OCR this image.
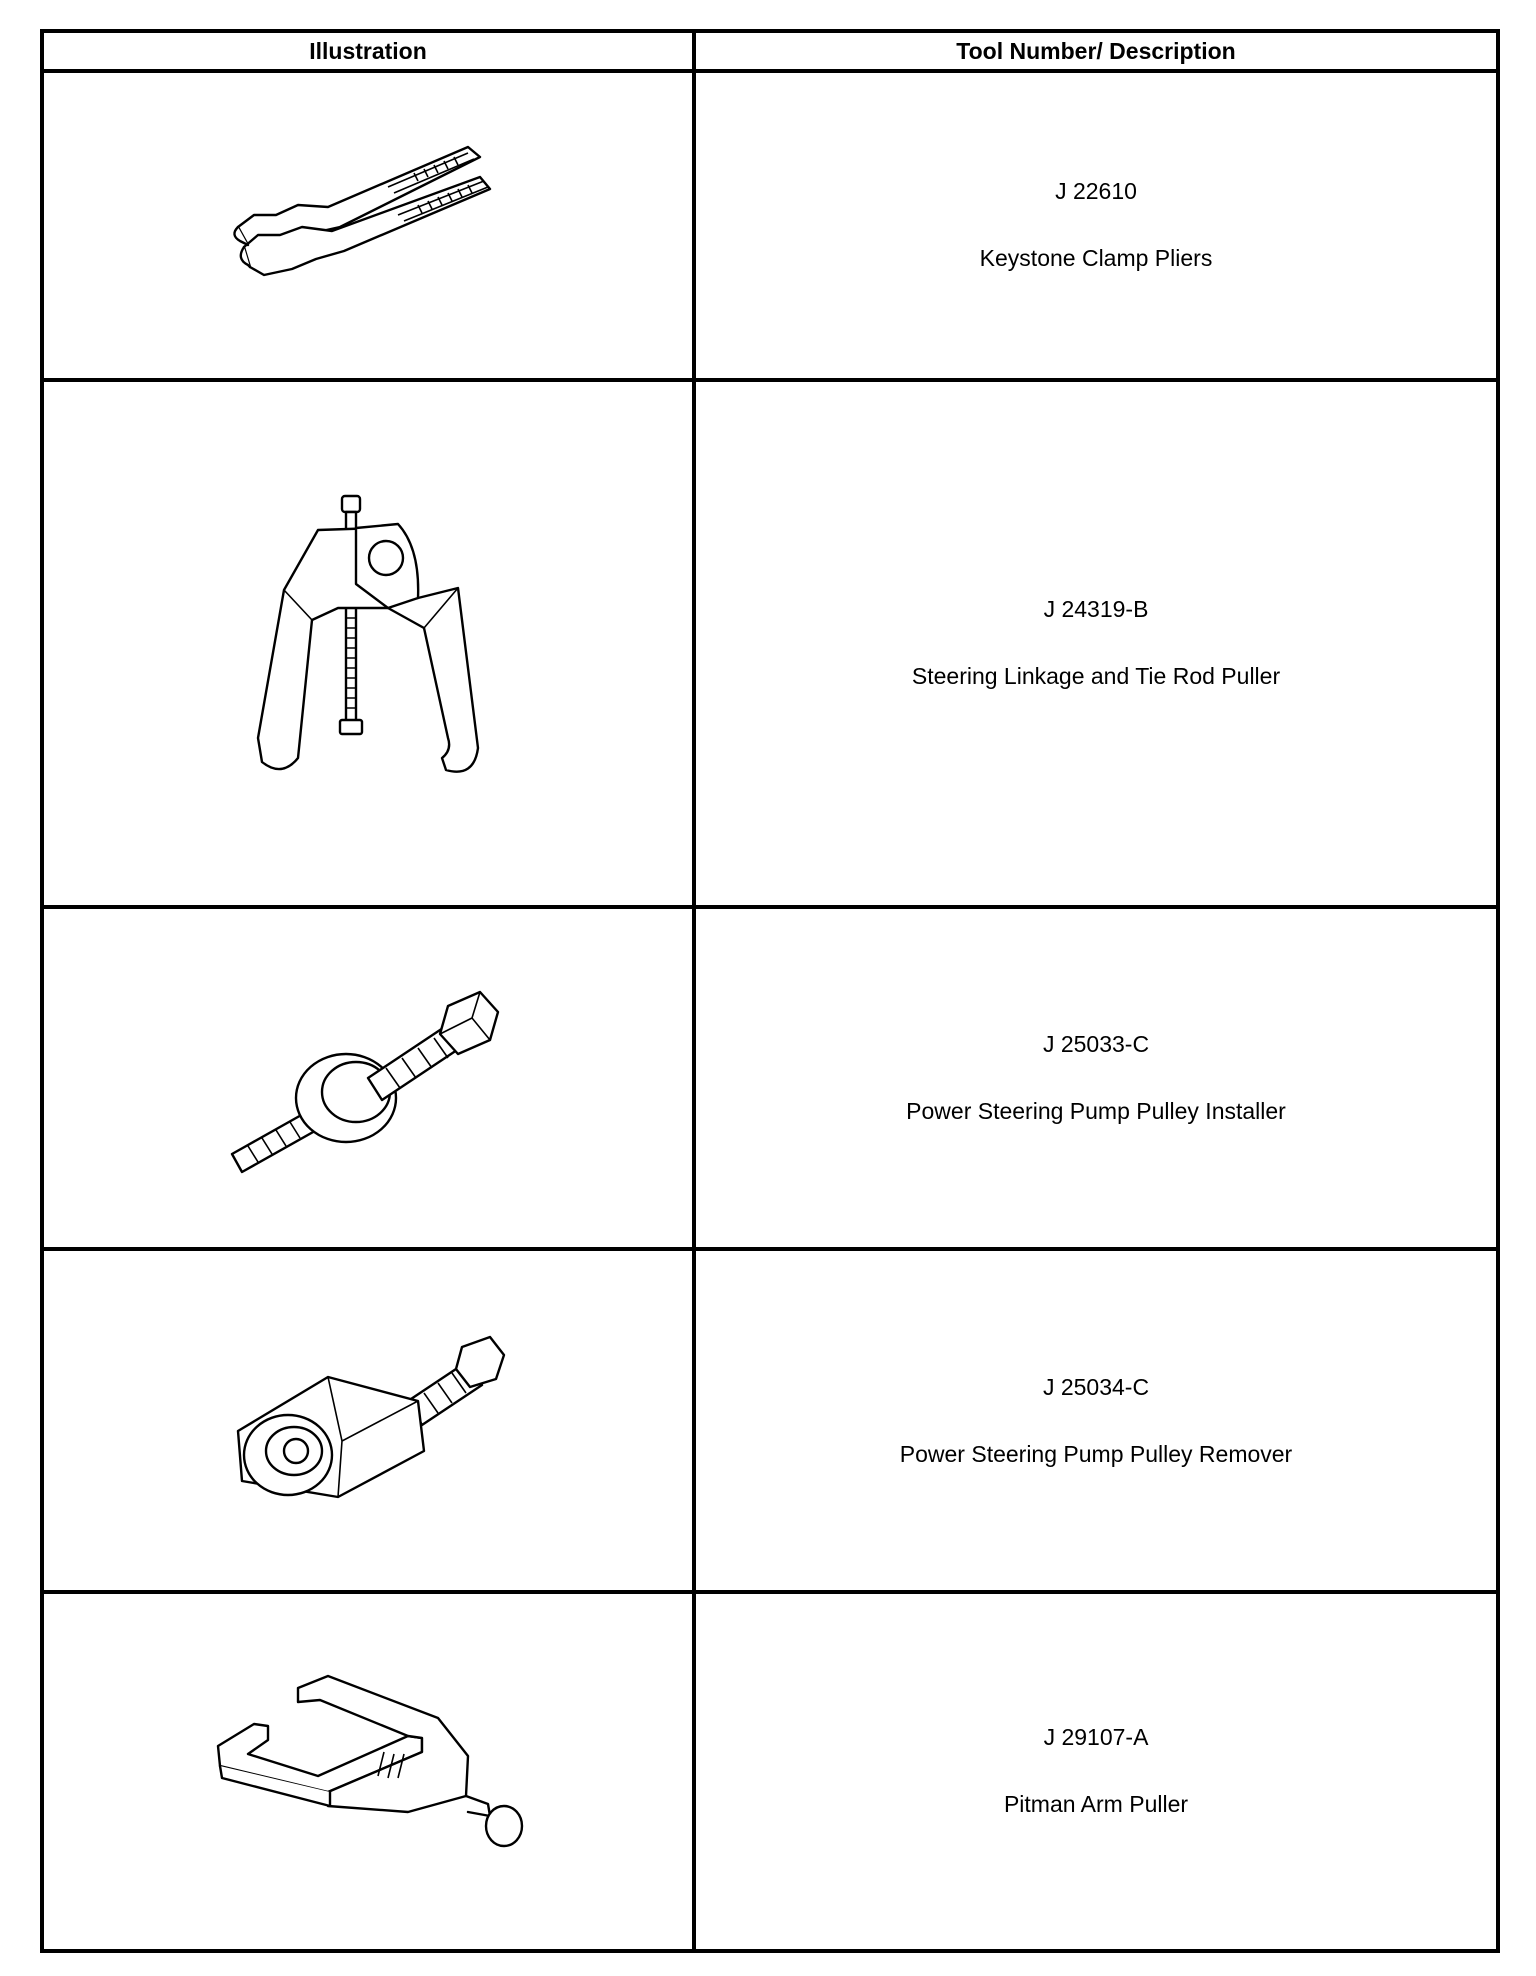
Illustration	Tool Number/ Description

J 22610
Keystone Clamp Pliers

J 24319-B
Steering Linkage and Tie Rod Puller

J 25033-C
Power Steering Pump Pulley Installer

J 25034-C
Power Steering Pump Pulley Remover

J 29107-A
Pitman Arm Puller
